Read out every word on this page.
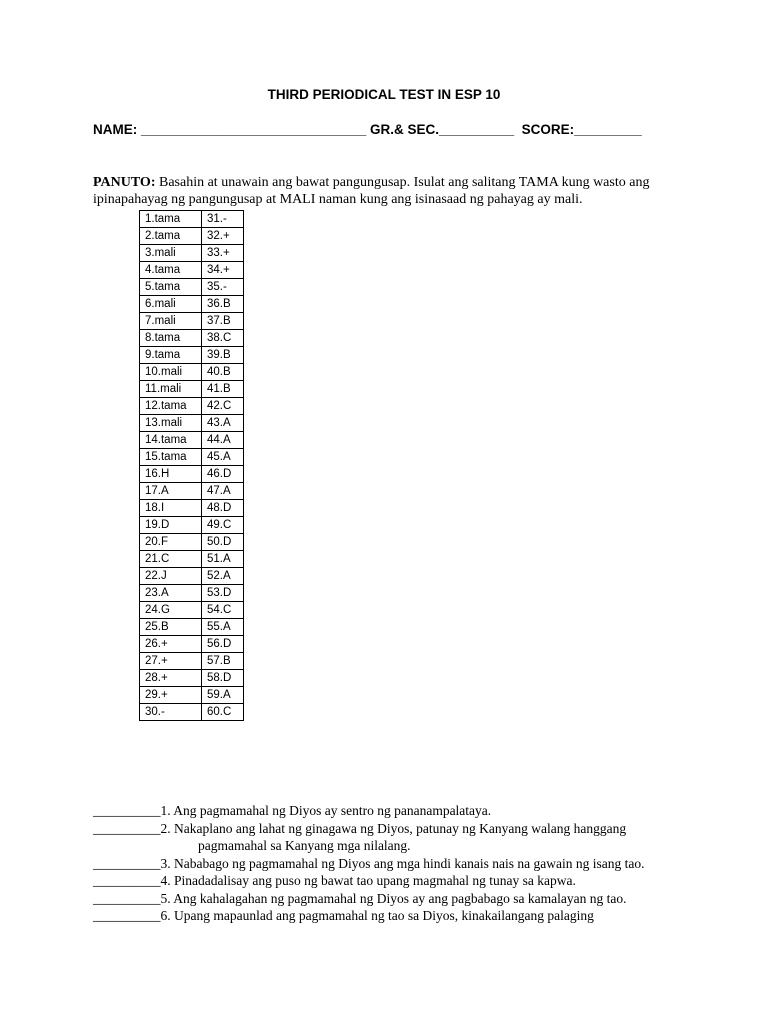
THIRD PERIODICAL TEST IN ESP 10
NAME: ______________________________ GR.& SEC.__________ SCORE:_________
PANUTO: Basahin at unawain ang bawat pangungusap. Isulat ang salitang TAMA kung wasto ang ipinapahayag ng pangungusap at MALI naman kung ang isinasaad ng pahayag ay mali.
1.tama	31.-
2.tama	32.+
3.mali	33.+
4.tama	34.+
5.tama	35.-
6.mali	36.B
7.mali	37.B
8.tama	38.C
9.tama	39.B
10.mali	40.B
11.mali	41.B
12.tama	42.C
13.mali	43.A
14.tama	44.A
15.tama	45.A
16.H	46.D
17.A	47.A
18.I	48.D
19.D	49.C
20.F	50.D
21.C	51.A
22.J	52.A
23.A	53.D
24.G	54.C
25.B	55.A
26.+	56.D
27.+	57.B
28.+	58.D
29.+	59.A
30.-	60.C
__________1. Ang pagmamahal ng Diyos ay sentro ng pananampalataya.
__________2. Nakaplano ang lahat ng ginagawa ng Diyos, patunay ng Kanyang walang hanggang
pagmamahal sa Kanyang mga nilalang.
__________3. Nababago ng pagmamahal ng Diyos ang mga hindi kanais nais na gawain ng isang tao.
__________4. Pinadadalisay ang puso ng bawat tao upang magmahal ng tunay sa kapwa.
__________5. Ang kahalagahan ng pagmamahal ng Diyos ay ang pagbabago sa kamalayan ng tao.
__________6. Upang mapaunlad ang pagmamahal ng tao sa Diyos, kinakailangang palaging
